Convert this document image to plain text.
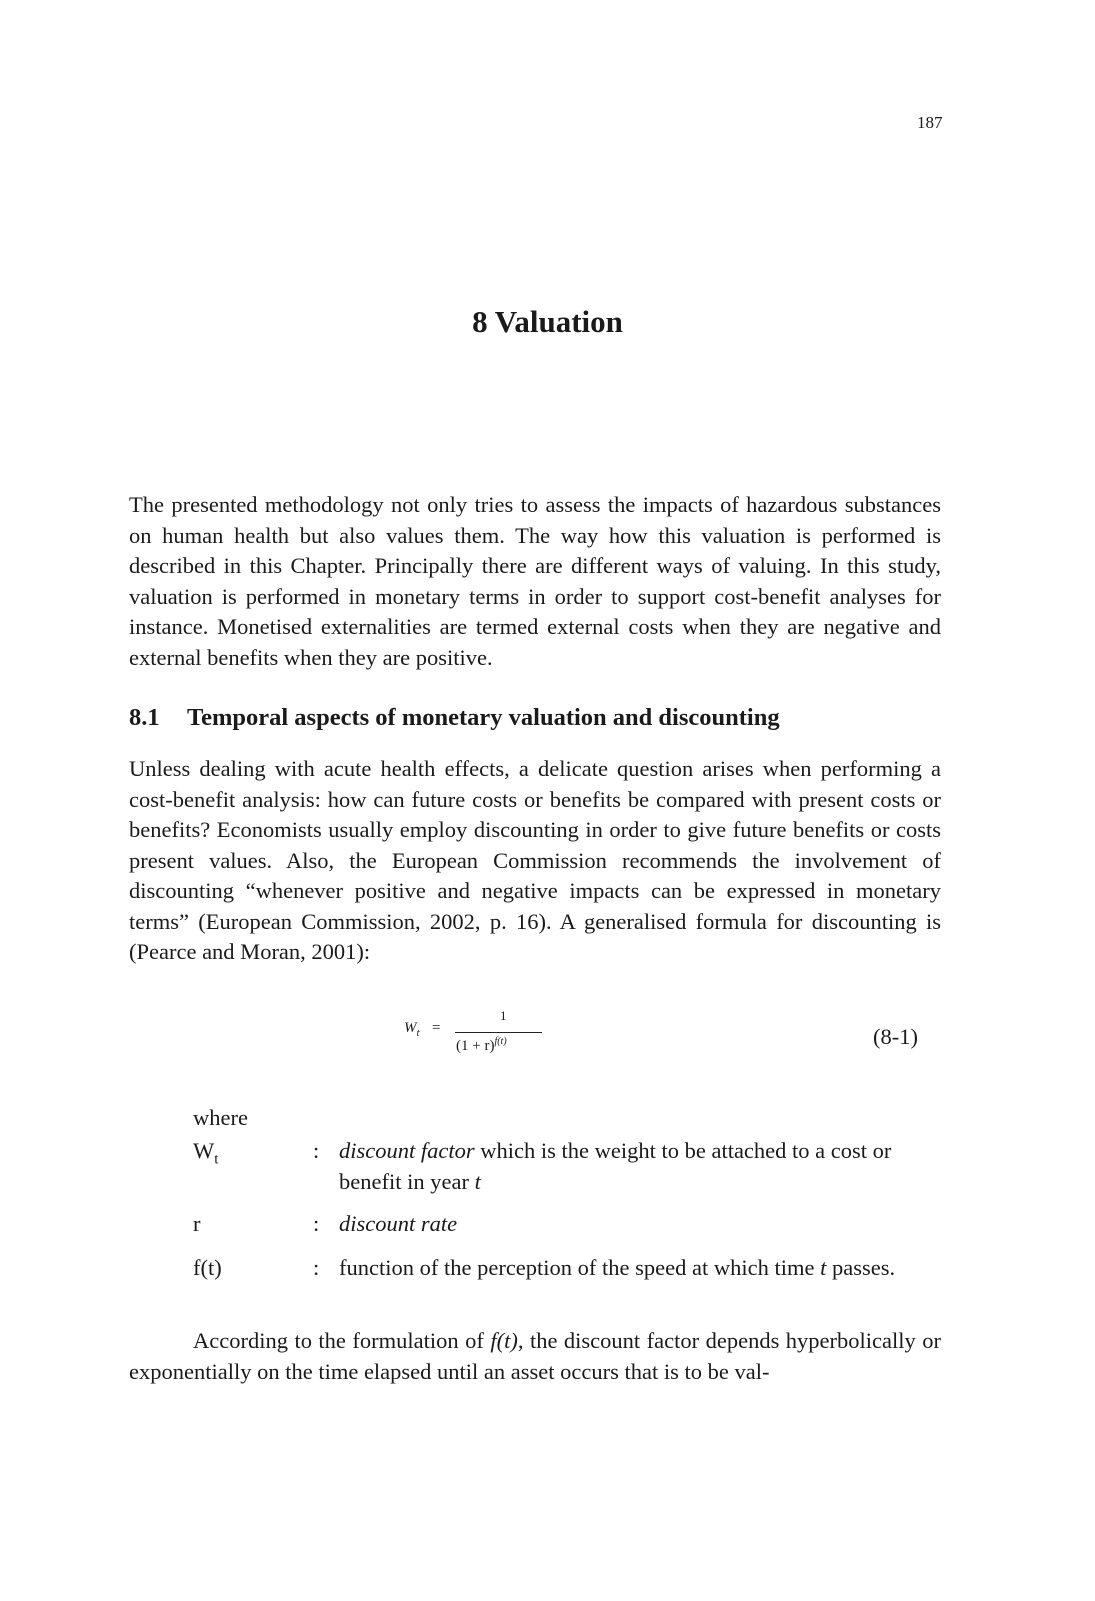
187
8 Valuation

The presented methodology not only tries to assess the impacts of hazardous substances on human health but also values them. The way how this valuation is performed is described in this Chapter. Principally there are different ways of valuing. In this study, valuation is performed in monetary terms in order to support cost-benefit analyses for instance. Monetised externalities are termed external costs when they are negative and external benefits when they are positive.

8.1 Temporal aspects of monetary valuation and discounting

Unless dealing with acute health effects, a delicate question arises when performing a cost-benefit analysis: how can future costs or benefits be compared with present costs or benefits? Economists usually employ discounting in order to give future benefits or costs present values. Also, the European Commission recommends the involvement of discounting “whenever positive and negative impacts can be expressed in monetary terms” (European Commission, 2002, p. 16). A generalised formula for discounting is (Pearce and Moran, 2001):

$W_t$ =
1
$(1 + r)^{f(t)}$	(8-1)

where

$W_t$	: discount factor which is the weight to be attached to a cost or benefit in year t
r	: discount rate
f(t)	: function of the perception of the speed at which time t passes.

According to the formulation of f(t), the discount factor depends hyperbolically or exponentially on the time elapsed until an asset occurs that is to be val-
